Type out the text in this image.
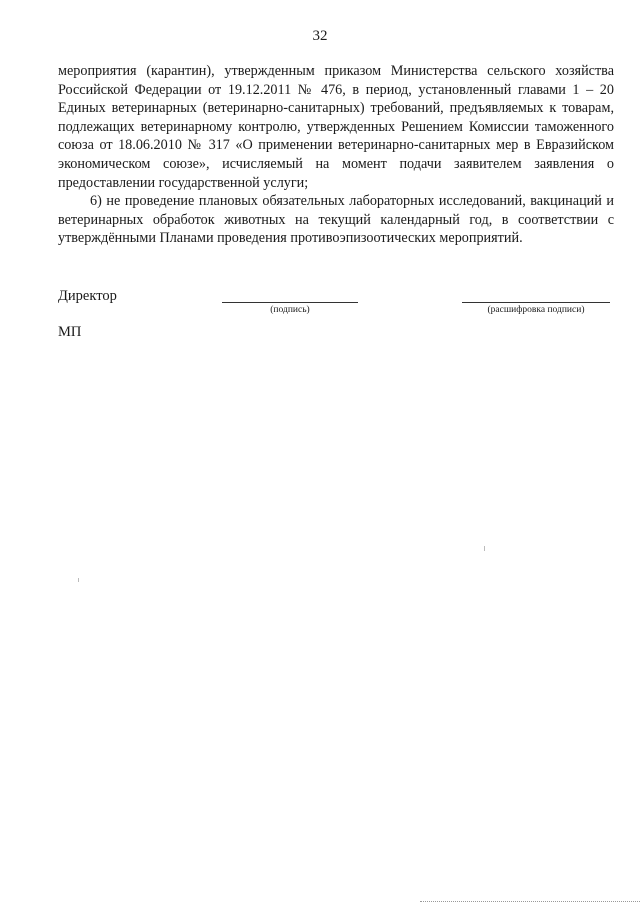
32

мероприятия (карантин), утвержденным приказом Министерства сельского хозяйства Российской Федерации от 19.12.2011 № 476, в период, установленный главами 1 – 20 Единых ветеринарных (ветеринарно-санитарных) требований, предъявляемых к товарам, подлежащих ветеринарному контролю, утвержденных Решением Комиссии таможенного союза от 18.06.2010 № 317 «О применении ветеринарно-санитарных мер в Евразийском экономическом союзе», исчисляемый на момент подачи заявителем заявления о предоставлении государственной услуги;

6) не проведение плановых обязательных лабораторных исследований, вакцинаций и ветеринарных обработок животных на текущий календарный год, в соответствии с утверждёнными Планами проведения противоэпизоотических мероприятий.

Директор
(подпись)	(расшифровка подписи)
МП
